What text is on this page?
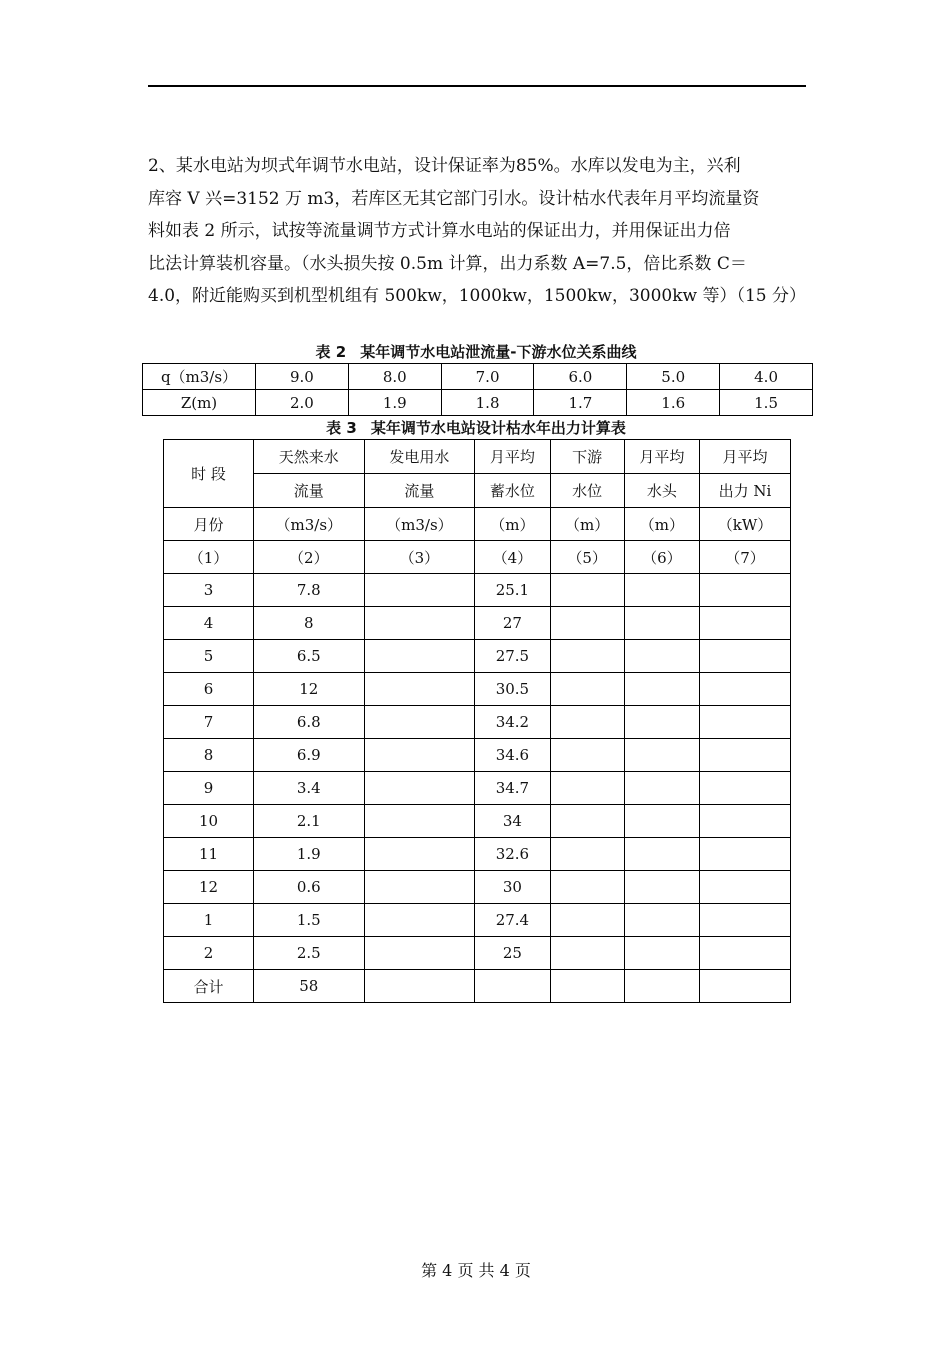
2、某水电站为坝式年调节水电站，设计保证率为85%。水库以发电为主，兴利
库容 V 兴=3152 万 m3，若库区无其它部门引水。设计枯水代表年月平均流量资
料如表 2 所示，试按等流量调节方式计算水电站的保证出力，并用保证出力倍
比法计算装机容量。（水头损失按 0.5m 计算，出力系数 A=7.5，倍比系数 C＝
4.0，附近能购买到机型机组有 500kw，1000kw，1500kw，3000kw 等）（15 分）
表 2 某年调节水电站泄流量-下游水位关系曲线
q（m3/s）	9.0	8.0	7.0	6.0	5.0	4.0
Z(m)	2.0	1.9	1.8	1.7	1.6	1.5
表 3 某年调节水电站设计枯水年出力计算表
时 段	天然来水	发电用水	月平均	下游	月平均	月平均
	流量	流量	蓄水位	水位	水头	出力 Ni
月份	（m3/s）	（m3/s）	（m）	（m）	（m）	（kW）
（1）	（2）	（3）	（4）	（5）	（6）	（7）
3	7.8		25.1			
4	8		27			
5	6.5		27.5			
6	12		30.5			
7	6.8		34.2			
8	6.9		34.6			
9	3.4		34.7			
10	2.1		34			
11	1.9		32.6			
12	0.6		30			
1	1.5		27.4			
2	2.5		25			
合计	58					
第 4 页 共 4 页
